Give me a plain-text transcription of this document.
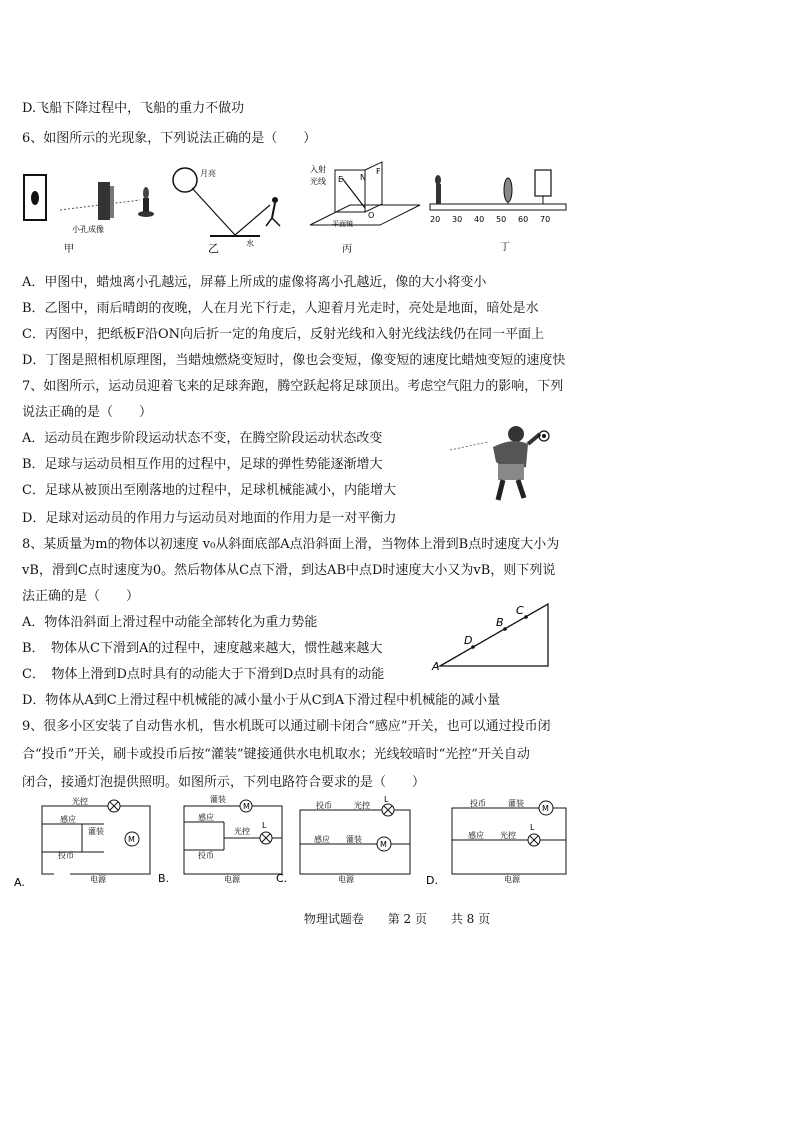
D.飞船下降过程中，飞船的重力不做功
6、如图所示的光现象，下列说法正确的是（　　）
小孔成像
甲
月亮
水
乙
入射
光线 E N
F
O
平面镜
丙
20 30 40 50 60 70
丁
A．甲图中，蜡烛离小孔越远，屏幕上所成的虚像将离小孔越近，像的大小将变小
B．乙图中，雨后晴朗的夜晚，人在月光下行走，人迎着月光走时，亮处是地面，暗处是水
C．丙图中，把纸板F沿ON向后折一定的角度后，反射光线和入射光线法线仍在同一平面上
D．丁图是照相机原理图，当蜡烛燃烧变短时，像也会变短，像变短的速度比蜡烛变短的速度快
7、如图所示，运动员迎着飞来的足球奔跑，腾空跃起将足球顶出。考虑空气阻力的影响，下列
说法正确的是（　　）
A．运动员在跑步阶段运动状态不变，在腾空阶段运动状态改变
B．足球与运动员相互作用的过程中，足球的弹性势能逐渐增大
C．足球从被顶出至刚落地的过程中，足球机械能减小，内能增大
D．足球对运动员的作用力与运动员对地面的作用力是一对平衡力
8、某质量为m的物体以初速度 v₀从斜面底部A点沿斜面上滑，当物体上滑到B点时速度大小为
vB，滑到C点时速度为0。然后物体从C点下滑，到达AB中点D时速度大小又为vB，则下列说
法正确的是（　　）
A．物体沿斜面上滑过程中动能全部转化为重力势能
B．　物体从C下滑到A的过程中，速度越来越大，惯性越来越大
C．　物体上滑到D点时具有的动能大于下滑到D点时具有的动能
D．物体从A到C上滑过程中机械能的减小量小于从C到A下滑过程中机械能的减小量
A
D
B
C
9、很多小区安装了自动售水机，售水机既可以通过刷卡闭合“感应”开关，也可以通过投币闭
合“投币”开关，刷卡或投币后按“灌装”键接通供水电机取水；光线较暗时“光控”开关自动
闭合，接通灯泡提供照明。如图所示，下列电路符合要求的是（　　）
光控
感应
投币
灌装
M
电源
A.
灌装
M
感应
投币
光控
L
电源
B.
投币	光控
L
感应 灌装
M
电源
C.
投币	灌装
M
感应 光控
L
电源
D.
物理试题卷 第 2 页 共 8 页
